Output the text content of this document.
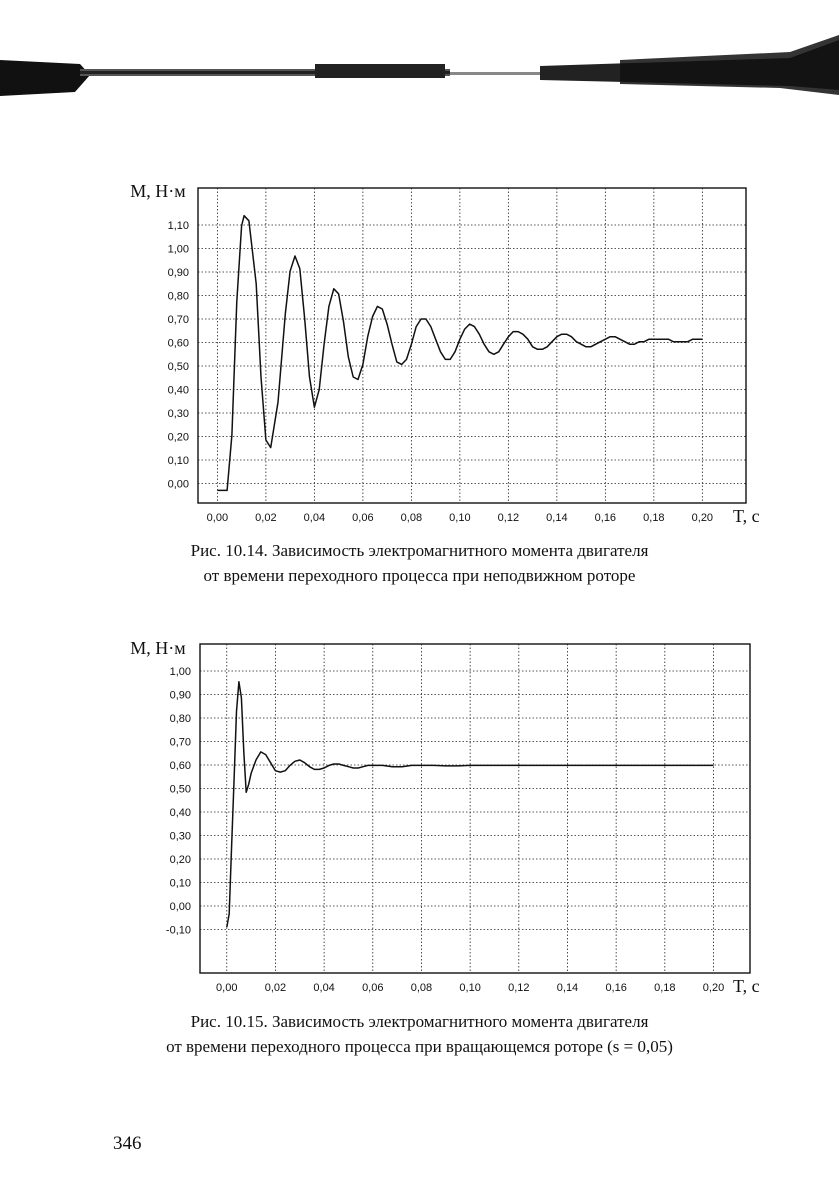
1,10
1,00
0,90
0,80
0,70
0,60
0,50
0,40
0,30
0,20
0,10
0,00
0,00 0,02 0,04 0,06 0,08 0,10 0,12 0,14 0,16 0,18 0,20
M, Н·м
T, с
Рис. 10.14. Зависимость электромагнитного момента двигателя
от времени переходного процесса при неподвижном роторе
1,00
0,90
0,80
0,70
0,60
0,50
0,40
0,30
0,20
0,10
0,00
-0,10
0,00 0,02 0,04 0,06 0,08 0,10 0,12 0,14 0,16 0,18 0,20
M, Н·м
T, с
Рис. 10.15. Зависимость электромагнитного момента двигателя
от времени переходного процесса при вращающемся роторе (s = 0,05)
346
